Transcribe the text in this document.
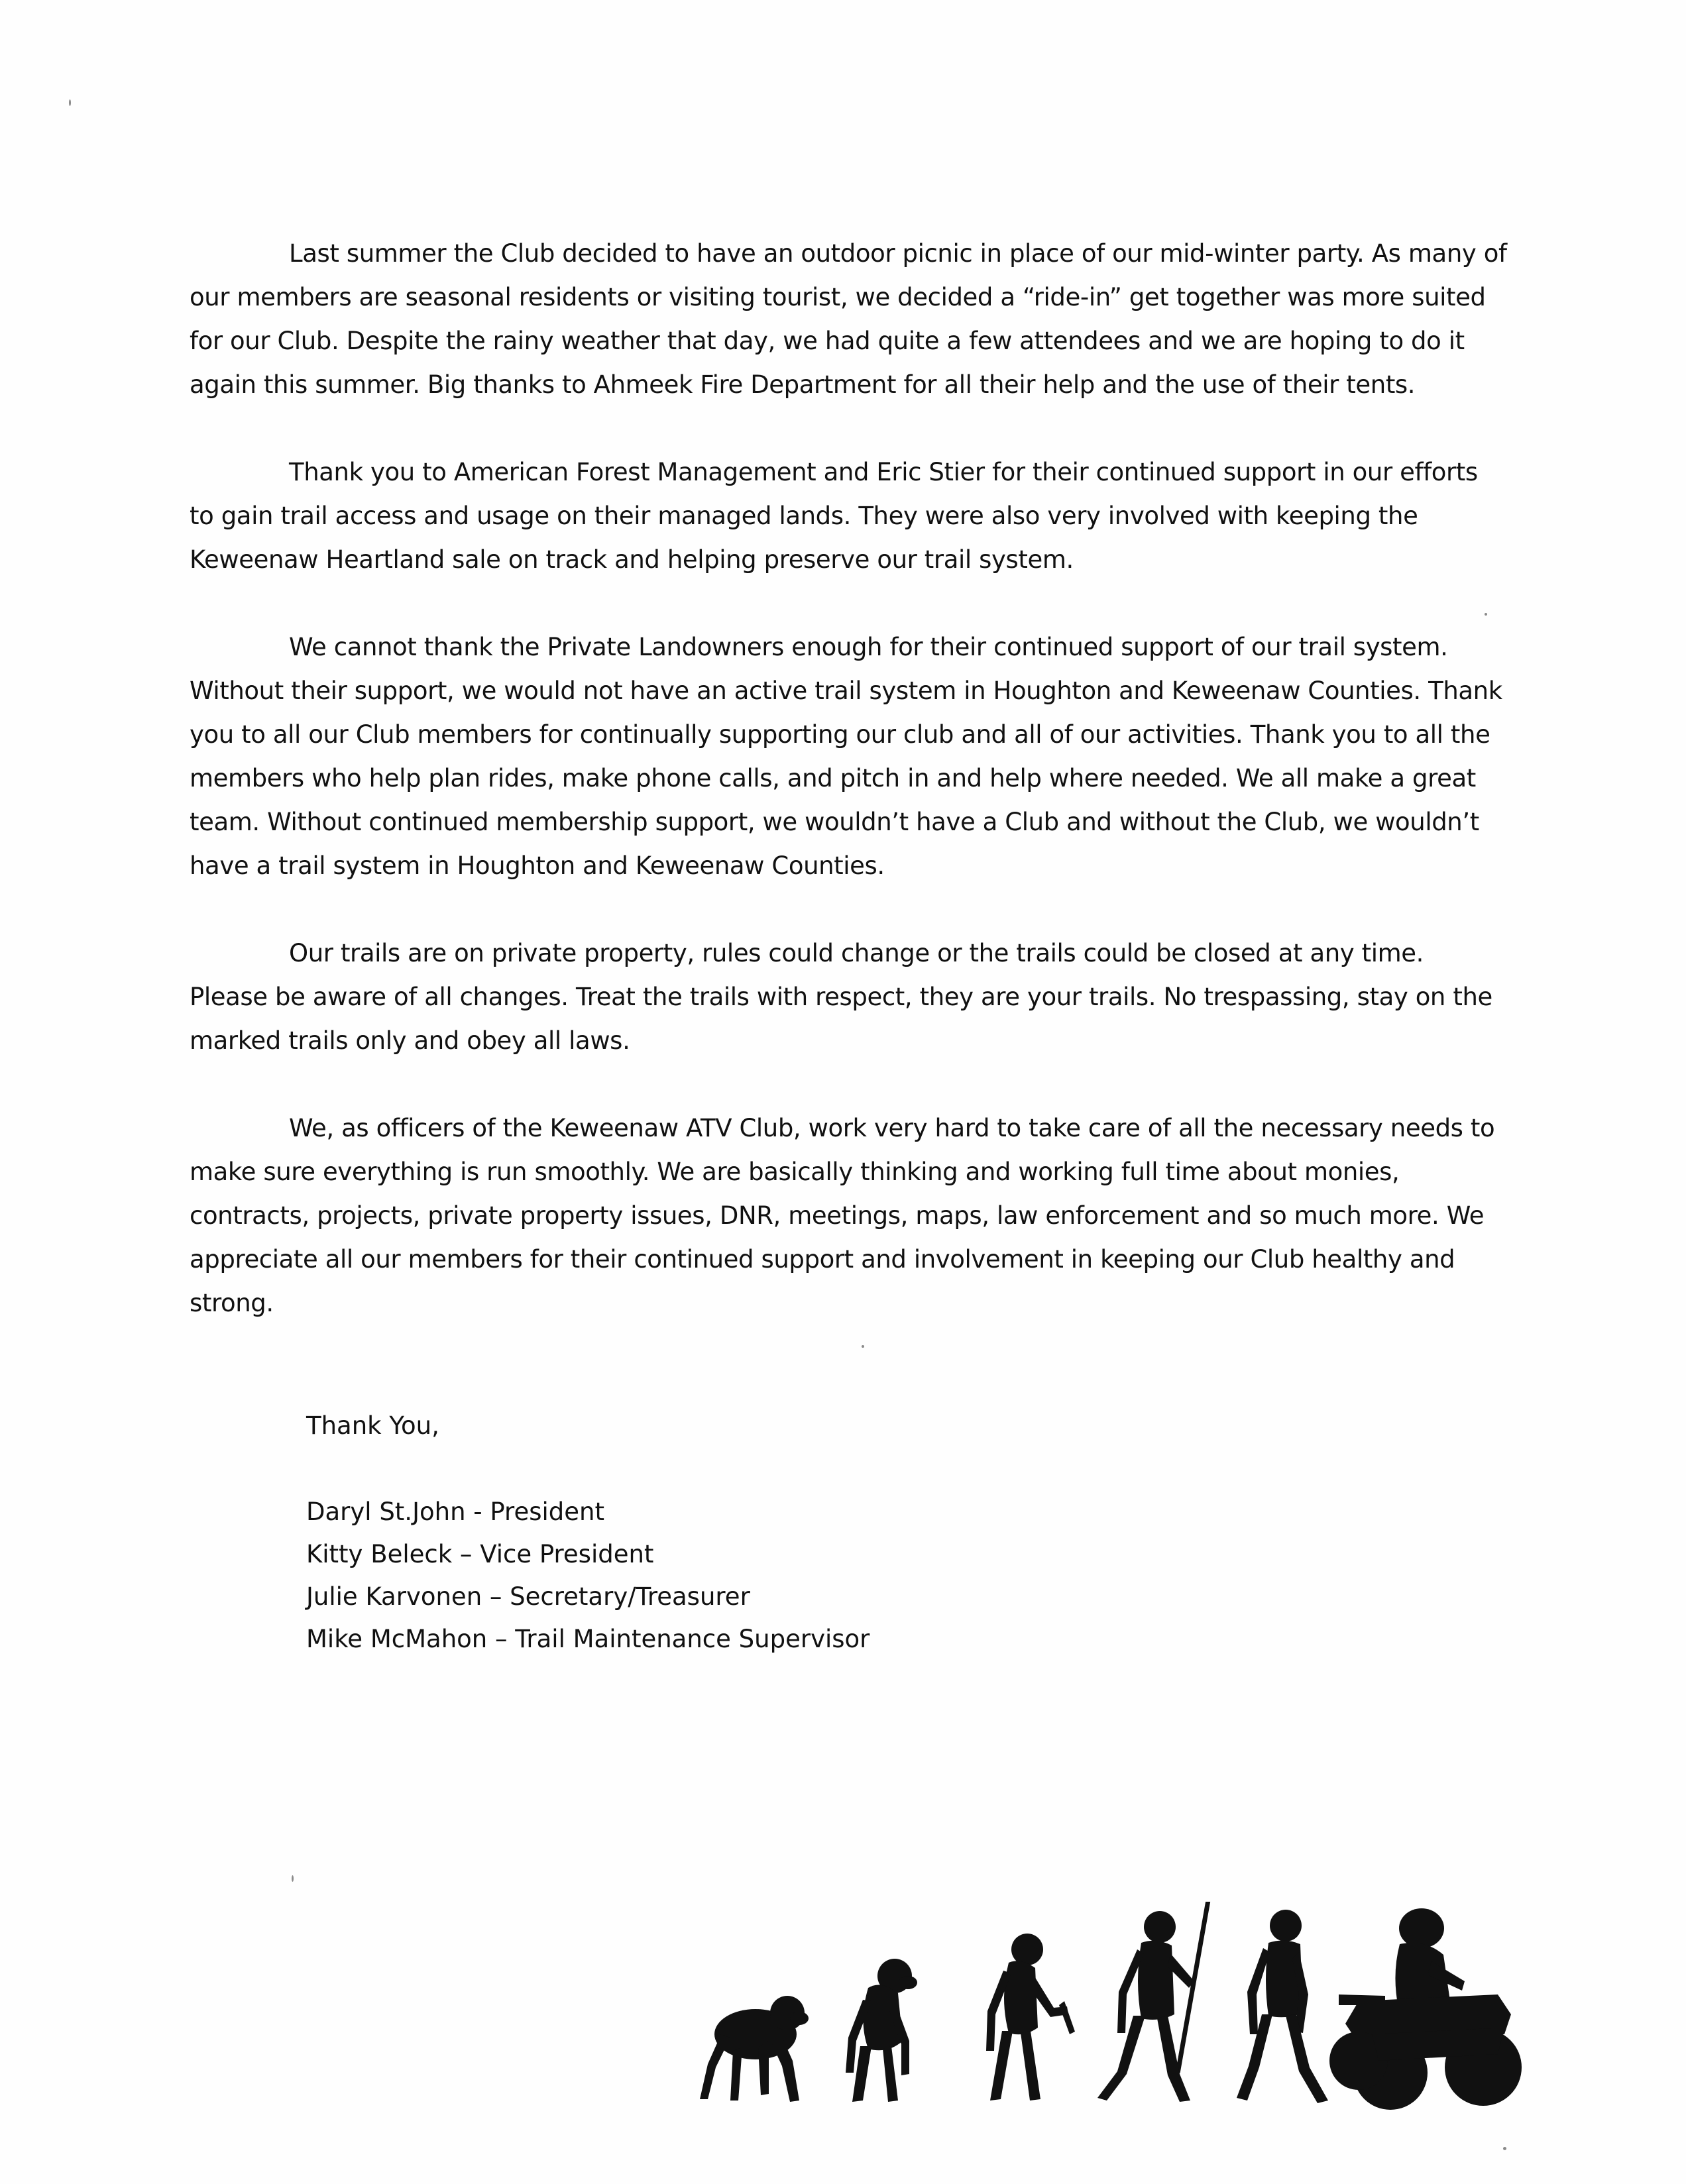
Last summer the Club decided to have an outdoor picnic in place of our mid-winter party. As many of our members are seasonal residents or visiting tourist, we decided a “ride-in” get together was more suited for our Club. Despite the rainy weather that day, we had quite a few attendees and we are hoping to do it again this summer. Big thanks to Ahmeek Fire Department for all their help and the use of their tents.

Thank you to American Forest Management and Eric Stier for their continued support in our efforts to gain trail access and usage on their managed lands. They were also very involved with keeping the Keweenaw Heartland sale on track and helping preserve our trail system.

We cannot thank the Private Landowners enough for their continued support of our trail system. Without their support, we would not have an active trail system in Houghton and Keweenaw Counties. Thank you to all our Club members for continually supporting our club and all of our activities. Thank you to all the members who help plan rides, make phone calls, and pitch in and help where needed. We all make a great team. Without continued membership support, we wouldn’t have a Club and without the Club, we wouldn’t have a trail system in Houghton and Keweenaw Counties.

Our trails are on private property, rules could change or the trails could be closed at any time. Please be aware of all changes. Treat the trails with respect, they are your trails. No trespassing, stay on the marked trails only and obey all laws.

We, as officers of the Keweenaw ATV Club, work very hard to take care of all the necessary needs to make sure everything is run smoothly. We are basically thinking and working full time about monies, contracts, projects, private property issues, DNR, meetings, maps, law enforcement and so much more. We appreciate all our members for their continued support and involvement in keeping our Club healthy and strong.

Thank You,
Daryl St.John - President
Kitty Beleck – Vice President
Julie Karvonen – Secretary/Treasurer
Mike McMahon – Trail Maintenance Supervisor
